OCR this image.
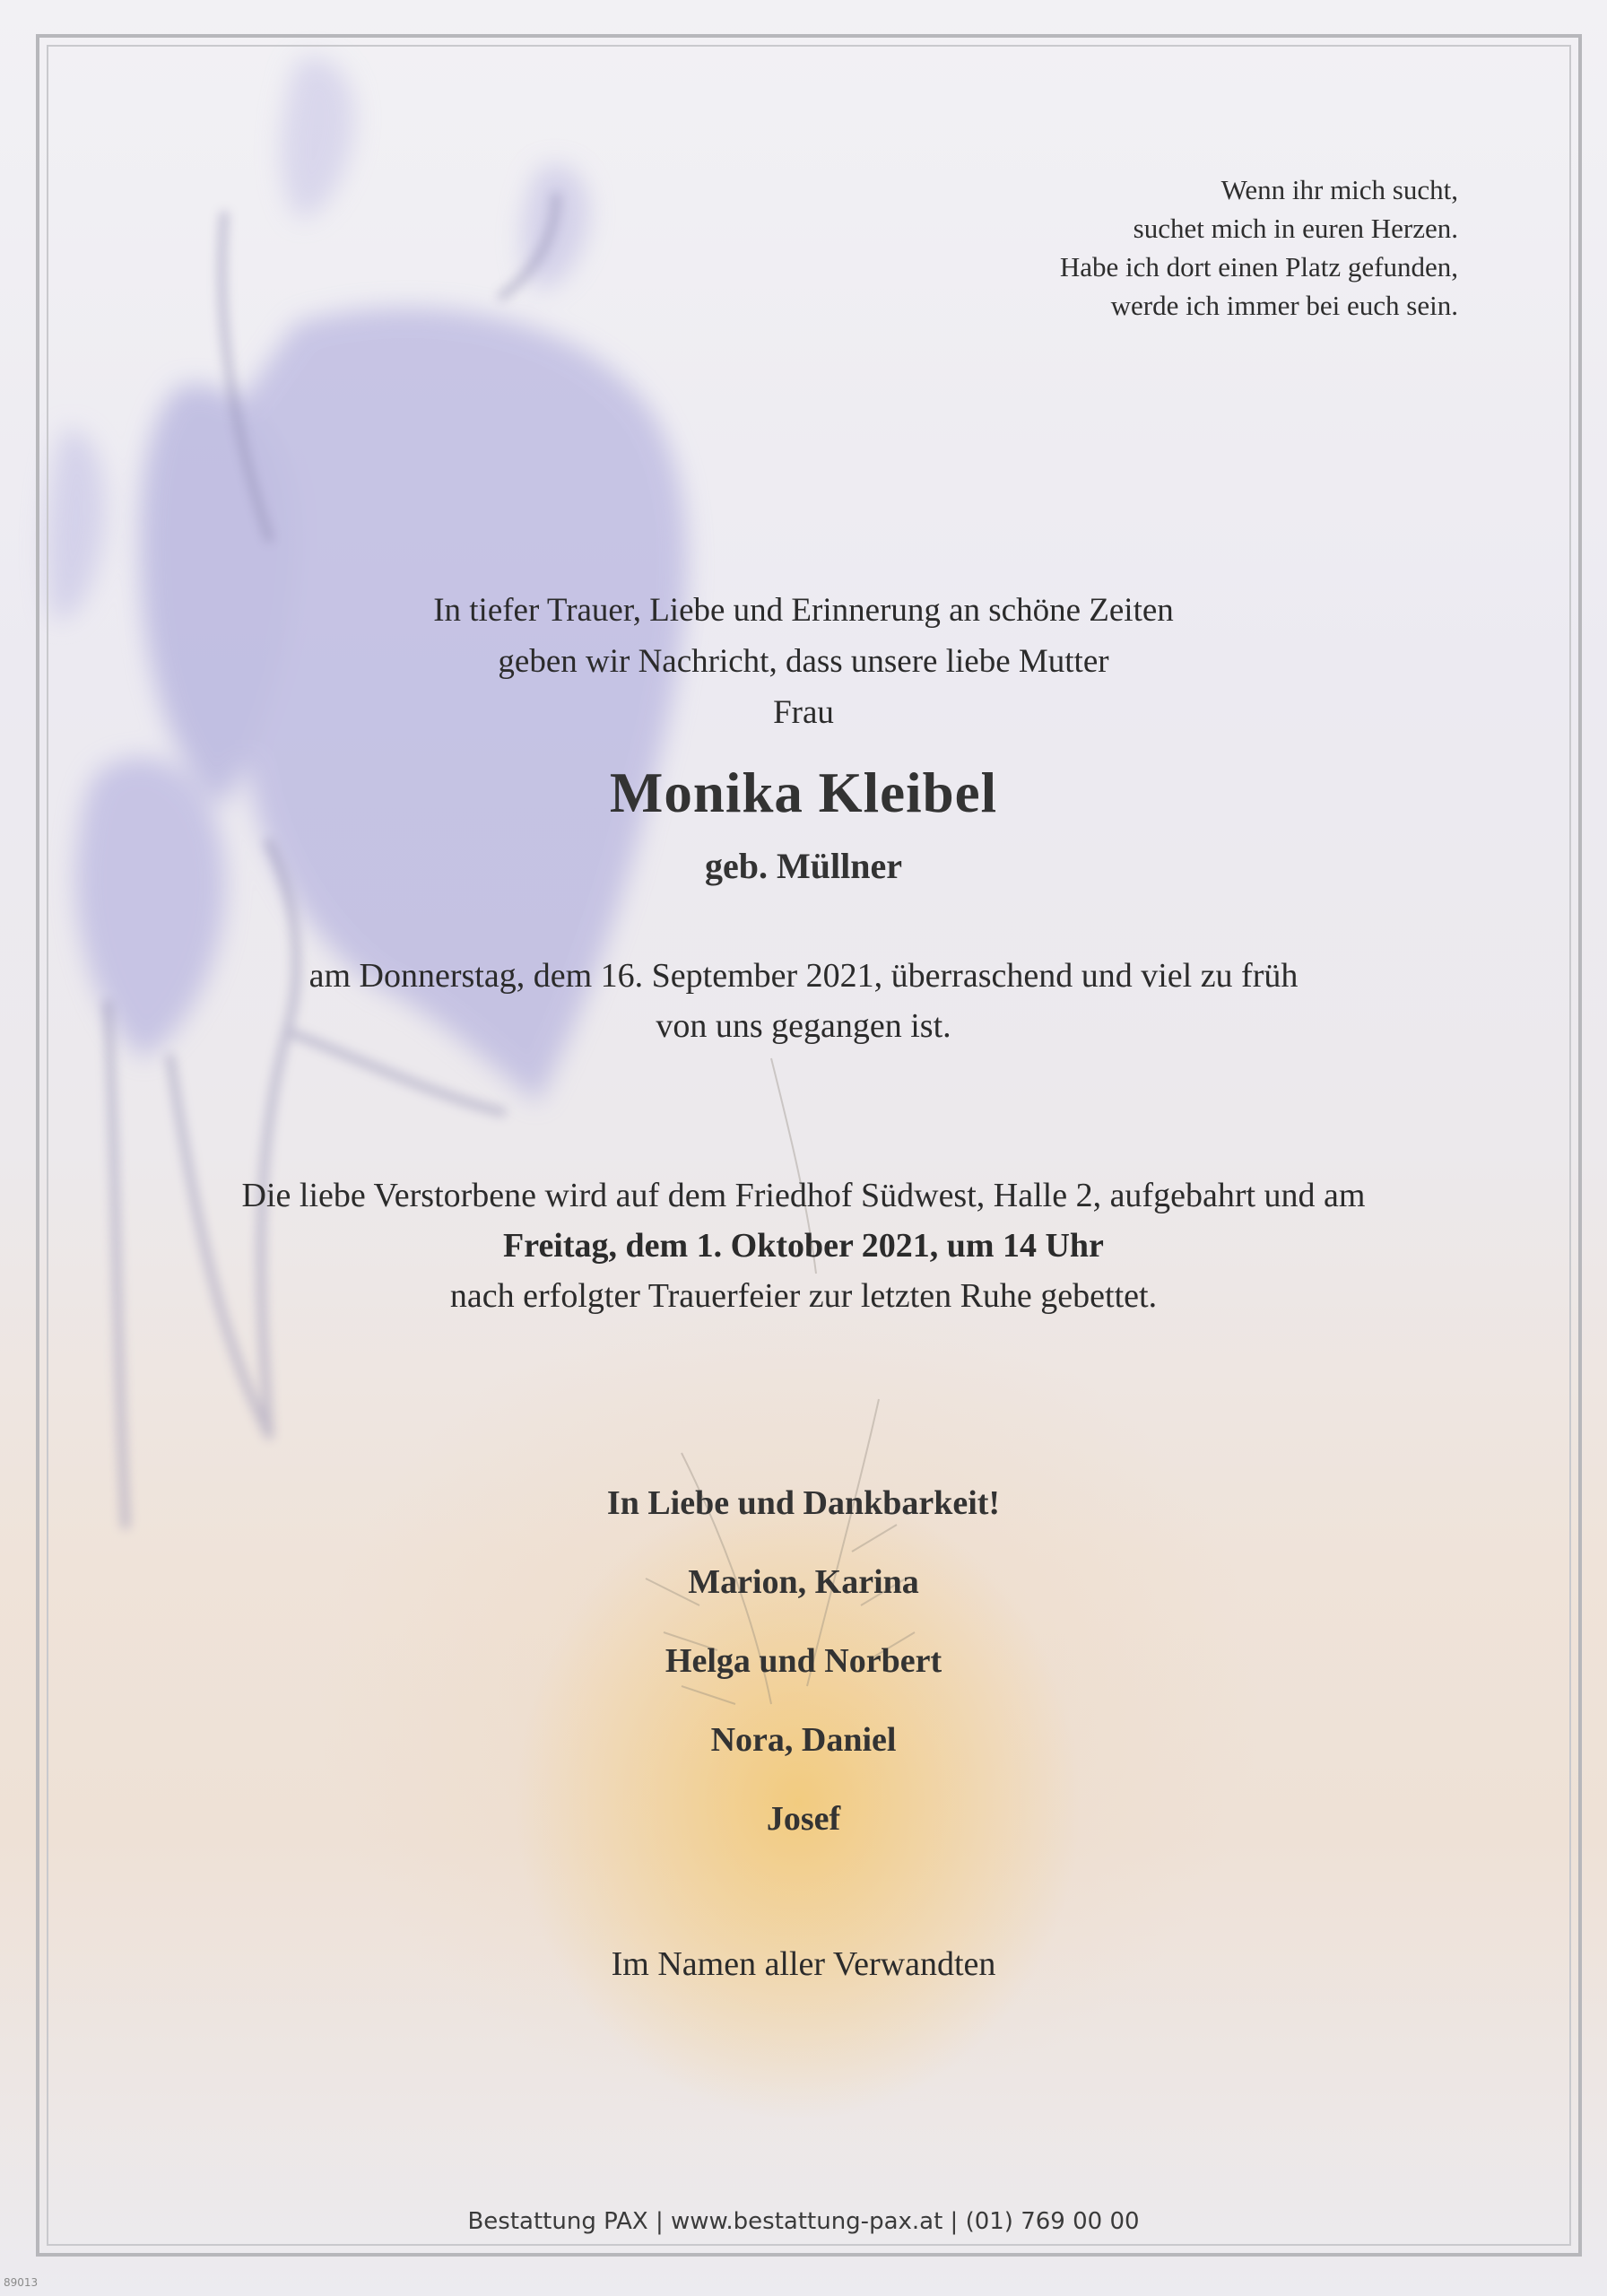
Wenn ihr mich sucht,
suchet mich in euren Herzen.
Habe ich dort einen Platz gefunden,
werde ich immer bei euch sein.
In tiefer Trauer, Liebe und Erinnerung an schöne Zeiten
geben wir Nachricht, dass unsere liebe Mutter
Frau
Monika Kleibel
geb. Müllner
am Donnerstag, dem 16. September 2021, überraschend und viel zu früh
von uns gegangen ist.
Die liebe Verstorbene wird auf dem Friedhof Südwest, Halle 2, aufgebahrt und am
Freitag, dem 1. Oktober 2021, um 14 Uhr
nach erfolgter Trauerfeier zur letzten Ruhe gebettet.
In Liebe und Dankbarkeit!
Marion, Karina
Helga und Norbert
Nora, Daniel
Josef
Im Namen aller Verwandten
Bestattung PAX | www.bestattung-pax.at | (01) 769 00 00
89013
